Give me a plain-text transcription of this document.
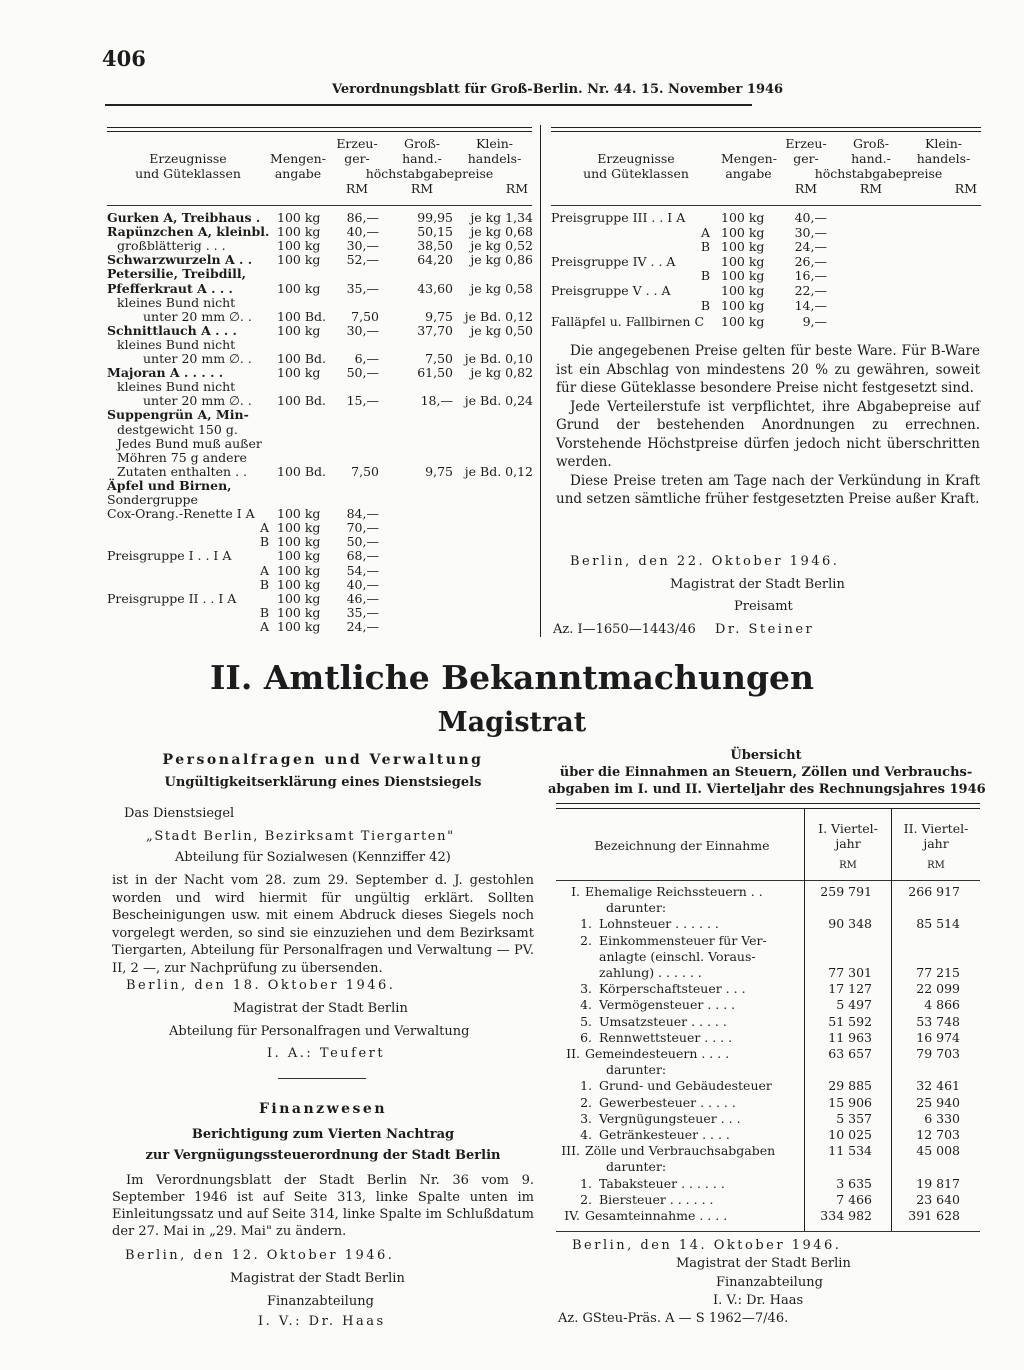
406
Verordnungsblatt für Groß-Berlin. Nr. 44. 15. November 1946
Erzeugnisse
und Güteklassen
Mengen-
angabe
Erzeu-
ger-
Groß-
hand.-
Klein-
handels-
höchstabgabepreise
RM	RM	RM
Erzeugnisse
und Güteklassen
Mengen-
angabe
Erzeu-
ger-
Groß-
hand.-
Klein-
handels-
höchstabgabepreise
RM	RM	RM
Gurken A, Treibhaus .	100 kg	86,—	99,95	je kg 1,34
Rapünzchen A, kleinbl. 100 kg	40,—	50,15	je kg 0,68
großblätterig . . .	100 kg	30,—	38,50	je kg 0,52
Schwarzwurzeln A . .	100 kg	52,—	64,20	je kg 0,86
Petersilie, Treibdill,
Pfefferkraut A . . .	100 kg	35,—	43,60	je kg 0,58
kleines Bund nicht
unter 20 mm ∅. .	100 Bd.	7,50	9,75 je Bd. 0,12
Schnittlauch A . . .	100 kg	30,—	37,70	je kg 0,50
kleines Bund nicht
unter 20 mm ∅. .	100 Bd.	6,—	7,50 je Bd. 0,10
Majoran A . . . . .	100 kg	50,—	61,50	je kg 0,82
kleines Bund nicht
unter 20 mm ∅. .	100 Bd.	15,—	18,— je Bd. 0,24
Suppengrün A, Min-
destgewicht 150 g.
Jedes Bund muß außer
Möhren 75 g andere
Zutaten enthalten . .	100 Bd.	7,50	9,75 je Bd. 0,12
Äpfel und Birnen,
Sondergruppe
Cox-Orang.-Renette I A	100 kg	84,—
A 100 kg	70,—
B 100 kg	50,—
Preisgruppe I . . I A	100 kg	68,—
A 100 kg	54,—
B 100 kg	40,—
Preisgruppe II . . I A	100 kg	46,—
B 100 kg	35,—
A 100 kg	24,—
Preisgruppe III . . I A	100 kg	40,—
A 100 kg	30,—
B 100 kg	24,—
Preisgruppe IV . . A	100 kg	26,—
B 100 kg	16,—
Preisgruppe V . . A	100 kg	22,—
B 100 kg	14,—
Falläpfel u. Fallbirnen C	100 kg	9,—

Die angegebenen Preise gelten für beste Ware. Für B-Ware ist ein Abschlag von mindestens 20 % zu gewähren, soweit für diese Güteklasse besondere Preise nicht festgesetzt sind.

Jede Verteilerstufe ist verpflichtet, ihre Abgabepreise auf Grund der bestehenden Anordnungen zu errechnen. Vorstehende Höchstpreise dürfen jedoch nicht überschritten werden.

Diese Preise treten am Tage nach der Verkündung in Kraft und setzen sämtliche früher festgesetzten Preise außer Kraft.

Berlin, den 22. Oktober 1946.
Magistrat der Stadt Berlin
Preisamt
Az. I—1650—1443/46 Dr. Steiner
II. Amtliche Bekanntmachungen
Magistrat
Personalfragen und Verwaltung
Ungültigkeitserklärung eines Dienstsiegels
Das Dienstsiegel
„Stadt Berlin, Bezirksamt Tiergarten"
Abteilung für Sozialwesen (Kennziffer 42)

ist in der Nacht vom 28. zum 29. September d. J. gestohlen worden und wird hiermit für ungültig erklärt. Sollten Bescheinigungen usw. mit einem Abdruck dieses Siegels noch vorgelegt werden, so sind sie einzuziehen und dem Bezirksamt Tiergarten, Abteilung für Personalfragen und Verwaltung — PV. II, 2 —, zur Nachprüfung zu übersenden.

Berlin, den 18. Oktober 1946.
Magistrat der Stadt Berlin
Abteilung für Personalfragen und Verwaltung
I. A.: Teufert
Finanzwesen
Berichtigung zum Vierten Nachtrag
zur Vergnügungssteuerordnung der Stadt Berlin

Im Verordnungsblatt der Stadt Berlin Nr. 36 vom 9. September 1946 ist auf Seite 313, linke Spalte unten im Einleitungssatz und auf Seite 314, linke Spalte im Schlußdatum der 27. Mai in „29. Mai" zu ändern.

Berlin, den 12. Oktober 1946.
Magistrat der Stadt Berlin
Finanzabteilung
I. V.: Dr. Haas
Übersicht
über die Einnahmen an Steuern, Zöllen und Verbrauchs-
abgaben im I. und II. Vierteljahr des Rechnungsjahres 1946
Bezeichnung der Einnahme
I. Viertel-
jahr
II. Viertel-
jahr
RM	RM
I. Ehemalige Reichssteuern . .	259 791	266 917
darunter:
1. Lohnsteuer . . . . . .	90 348	85 514
2. Einkommensteuer für Ver-
anlagte (einschl. Voraus-
zahlung) . . . . . .	77 301	77 215
3. Körperschaftsteuer . . .	17 127	22 099
4. Vermögensteuer . . . .	5 497	4 866
5. Umsatzsteuer . . . . .	51 592	53 748
6. Rennwettsteuer . . . .	11 963	16 974
II. Gemeindesteuern . . . .	63 657	79 703
darunter:
1. Grund- und Gebäudesteuer	29 885	32 461
2. Gewerbesteuer . . . . .	15 906	25 940
3. Vergnügungsteuer . . .	5 357	6 330
4. Getränkesteuer . . . .	10 025	12 703
III. Zölle und Verbrauchsabgaben	11 534	45 008
darunter:
1. Tabaksteuer . . . . . .	3 635	19 817
2. Biersteuer . . . . . .	7 466	23 640
IV. Gesamteinnahme . . . .	334 982	391 628
Berlin, den 14. Oktober 1946.
Magistrat der Stadt Berlin
Finanzabteilung
I. V.: Dr. Haas
Az. GSteu-Präs. A — S 1962—7/46.
